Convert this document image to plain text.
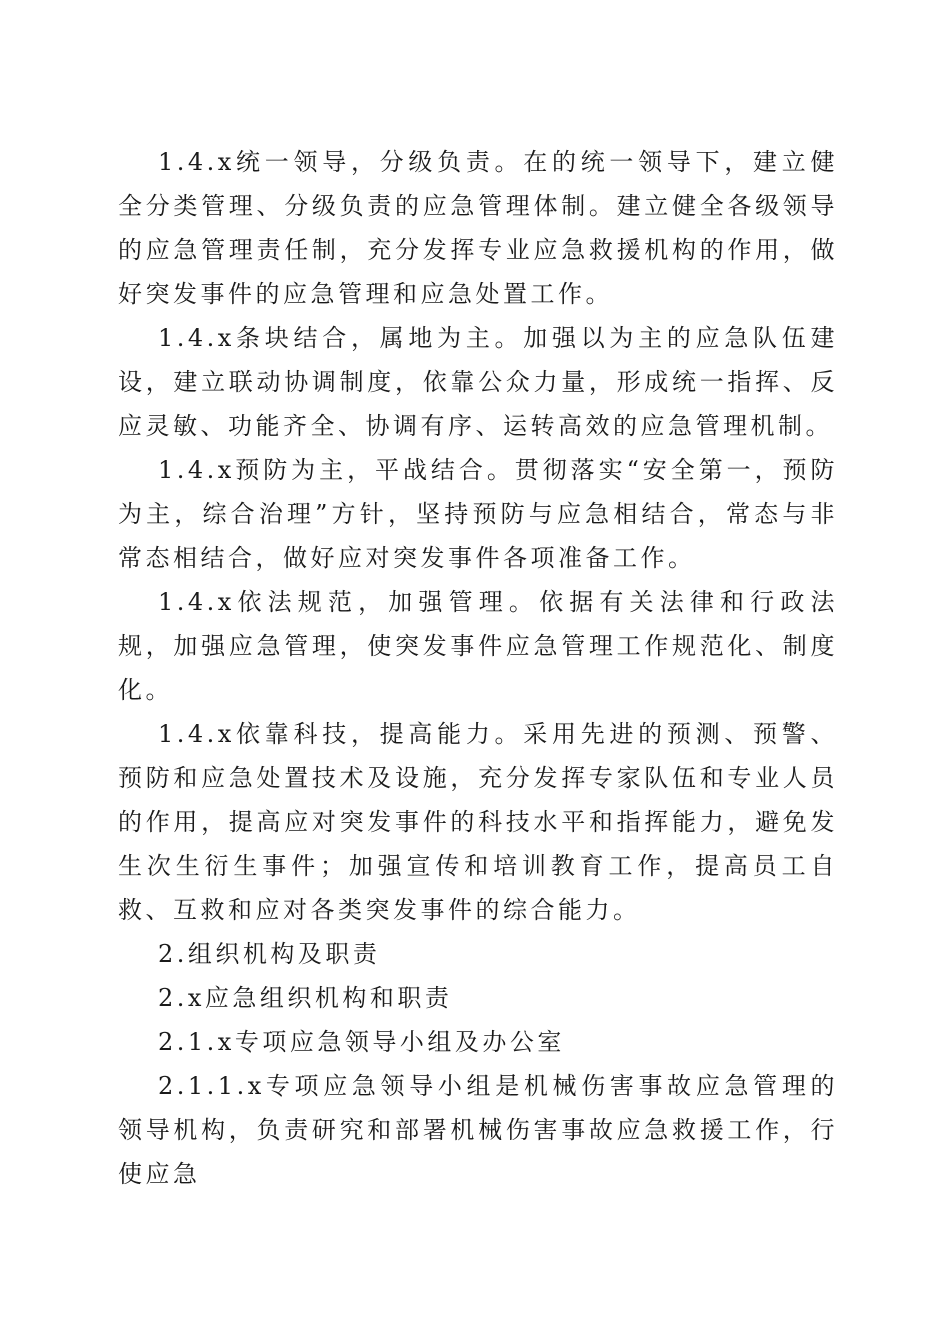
1.4.x统一领导，分级负责。在的统一领导下，建立健全分类管理、分级负责的应急管理体制。建立健全各级领导的应急管理责任制，充分发挥专业应急救援机构的作用，做好突发事件的应急管理和应急处置工作。

1.4.x条块结合，属地为主。加强以为主的应急队伍建设，建立联动协调制度，依靠公众力量，形成统一指挥、反应灵敏、功能齐全、协调有序、运转高效的应急管理机制。

1.4.x预防为主，平战结合。贯彻落实“安全第一，预防为主，综合治理”方针，坚持预防与应急相结合，常态与非常态相结合，做好应对突发事件各项准备工作。

1.4.x依法规范，加强管理。依据有关法律和行政法规，加强应急管理，使突发事件应急管理工作规范化、制度化。

1.4.x依靠科技，提高能力。采用先进的预测、预警、预防和应急处置技术及设施，充分发挥专家队伍和专业人员的作用，提高应对突发事件的科技水平和指挥能力，避免发生次生衍生事件；加强宣传和培训教育工作，提高员工自救、互救和应对各类突发事件的综合能力。

2.组织机构及职责

2.x应急组织机构和职责

2.1.x专项应急领导小组及办公室

2.1.1.x专项应急领导小组是机械伤害事故应急管理的领导机构，负责研究和部署机械伤害事故应急救援工作，行使应急
